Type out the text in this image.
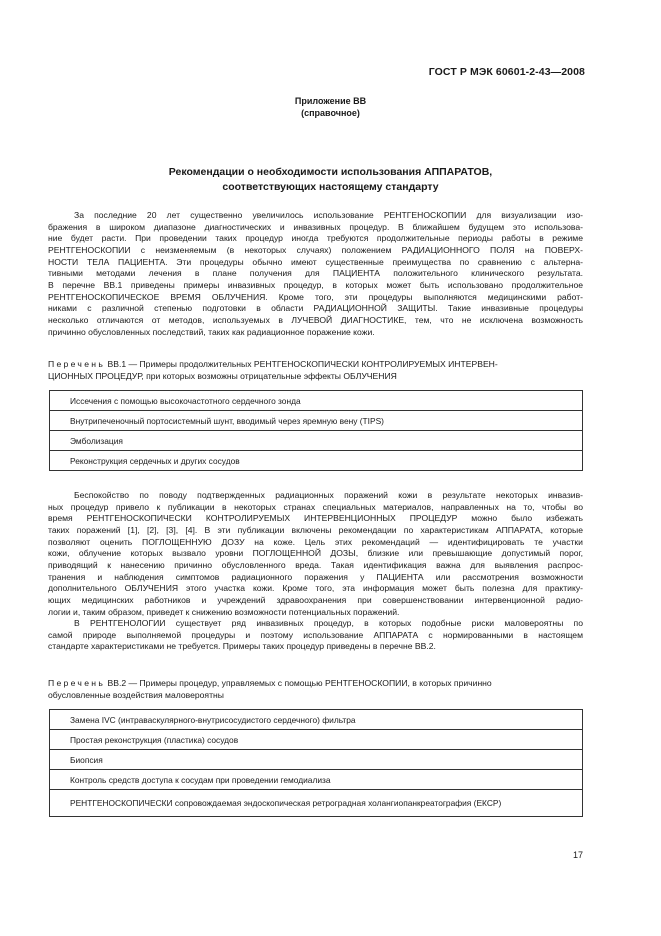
ГОСТ Р МЭК 60601-2-43—2008
Приложение ВВ
(справочное)
Рекомендации о необходимости использования АППАРАТОВ,
соответствующих настоящему стандарту
За последние 20 лет существенно увеличилось использование РЕНТГЕНОСКОПИИ для визуализации изо-
бражения в широком диапазоне диагностических и инвазивных процедур. В ближайшем будущем это использова-
ние будет расти. При проведении таких процедур иногда требуются продолжительные периоды работы в режиме
РЕНТГЕНОСКОПИИ с неизменяемым (в некоторых случаях) положением РАДИАЦИОННОГО ПОЛЯ на ПОВЕРХ-
НОСТИ ТЕЛА ПАЦИЕНТА. Эти процедуры обычно имеют существенные преимущества по сравнению с альтерна-
тивными методами лечения в плане получения для ПАЦИЕНТА положительного клинического результата.
В перечне ВВ.1 приведены примеры инвазивных процедур, в которых может быть использовано продолжительное
РЕНТГЕНОСКОПИЧЕСКОЕ ВРЕМЯ ОБЛУЧЕНИЯ. Кроме того, эти процедуры выполняются медицинскими работ-
никами с различной степенью подготовки в области РАДИАЦИОННОЙ ЗАЩИТЫ. Такие инвазивные процедуры
несколько отличаются от методов, используемых в ЛУЧЕВОЙ ДИАГНОСТИКЕ, тем, что не исключена возможность
причинно обусловленных последствий, таких как радиационное поражение кожи.
Перечень ВВ.1 — Примеры продолжительных РЕНТГЕНОСКОПИЧЕСКИ КОНТРОЛИРУЕМЫХ ИНТЕРВЕН-
ЦИОННЫХ ПРОЦЕДУР, при которых возможны отрицательные эффекты ОБЛУЧЕНИЯ
Иссечения с помощью высокочастотного сердечного зонда
Внутрипеченочный портосистемный шунт, вводимый через яремную вену (TIPS)
Эмболизация
Реконструкция сердечных и других сосудов
Беспокойство по поводу подтвержденных радиационных поражений кожи в результате некоторых инвазив-
ных процедур привело к публикации в некоторых странах специальных материалов, направленных на то, чтобы во
время РЕНТГЕНОСКОПИЧЕСКИ КОНТРОЛИРУЕМЫХ ИНТЕРВЕНЦИОННЫХ ПРОЦЕДУР можно было избежать
таких поражений [1], [2], [3], [4]. В эти публикации включены рекомендации по характеристикам АППАРАТА, которые
позволяют оценить ПОГЛОЩЕННУЮ ДОЗУ на коже. Цель этих рекомендаций — идентифицировать те участки
кожи, облучение которых вызвало уровни ПОГЛОЩЕННОЙ ДОЗЫ, близкие или превышающие допустимый порог,
приводящий к нанесению причинно обусловленного вреда. Такая идентификация важна для выявления распрос-
транения и наблюдения симптомов радиационного поражения у ПАЦИЕНТА или рассмотрения возможности
дополнительного ОБЛУЧЕНИЯ этого участка кожи. Кроме того, эта информация может быть полезна для практику-
ющих медицинских работников и учреждений здравоохранения при совершенствовании интервенционной радио-
логии и, таким образом, приведет к снижению возможности потенциальных поражений.
В РЕНТГЕНОЛОГИИ существует ряд инвазивных процедур, в которых подобные риски маловероятны по
самой природе выполняемой процедуры и поэтому использование АППАРАТА с нормированными в настоящем
стандарте характеристиками не требуется. Примеры таких процедур приведены в перечне ВВ.2.
Перечень ВВ.2 — Примеры процедур, управляемых с помощью РЕНТГЕНОСКОПИИ, в которых причинно
обусловленные воздействия маловероятны
Замена IVC (интраваскулярного-внутрисосудистого сердечного) фильтра
Простая реконструкция (пластика) сосудов
Биопсия
Контроль средств доступа к сосудам при проведении гемодиализа
РЕНТГЕНОСКОПИЧЕСКИ сопровождаемая эндоскопическая ретроградная холангиопанкреатография (ЕКСР)
17
